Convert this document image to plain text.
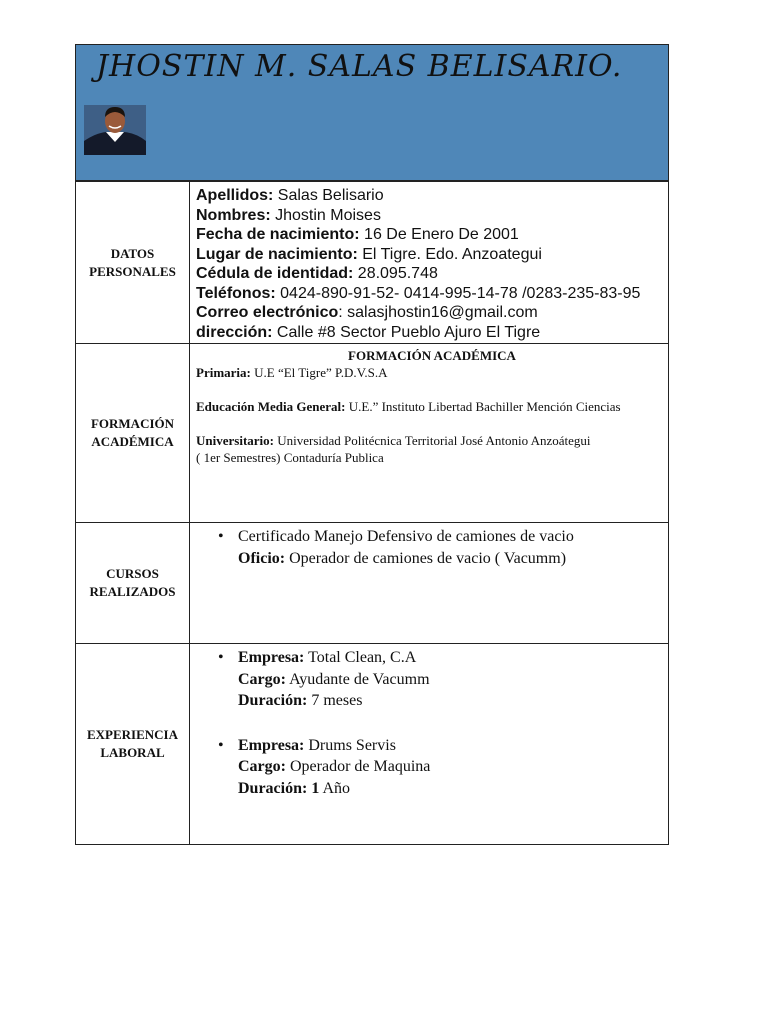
JHOSTIN M. SALAS BELISARIO.
DATOS
PERSONALES
Apellidos: Salas Belisario
Nombres: Jhostin Moises
Fecha de nacimiento: 16 De Enero De 2001
Lugar de nacimiento: El Tigre. Edo. Anzoategui
Cédula de identidad: 28.095.748
Teléfonos: 0424-890-91-52- 0414-995-14-78 /0283-235-83-95
Correo electrónico: salasjhostin16@gmail.com
dirección: Calle #8 Sector Pueblo Ajuro El Tigre
FORMACIÓN
ACADÉMICA
FORMACIÓN ACADÉMICA
Primaria: U.E “El Tigre” P.D.V.S.A
Educación Media General: U.E.” Instituto Libertad Bachiller Mención Ciencias
Universitario: Universidad Politécnica Territorial José Antonio Anzoátegui
( 1er Semestres) Contaduría Publica
CURSOS
REALIZADOS
• Certificado Manejo Defensivo de camiones de vacio
Oficio: Operador de camiones de vacio ( Vacumm)
EXPERIENCIA
LABORAL
• Empresa: Total Clean, C.A
Cargo: Ayudante de Vacumm
Duración: 7 meses
• Empresa: Drums Servis
Cargo: Operador de Maquina
Duración: 1 Año
